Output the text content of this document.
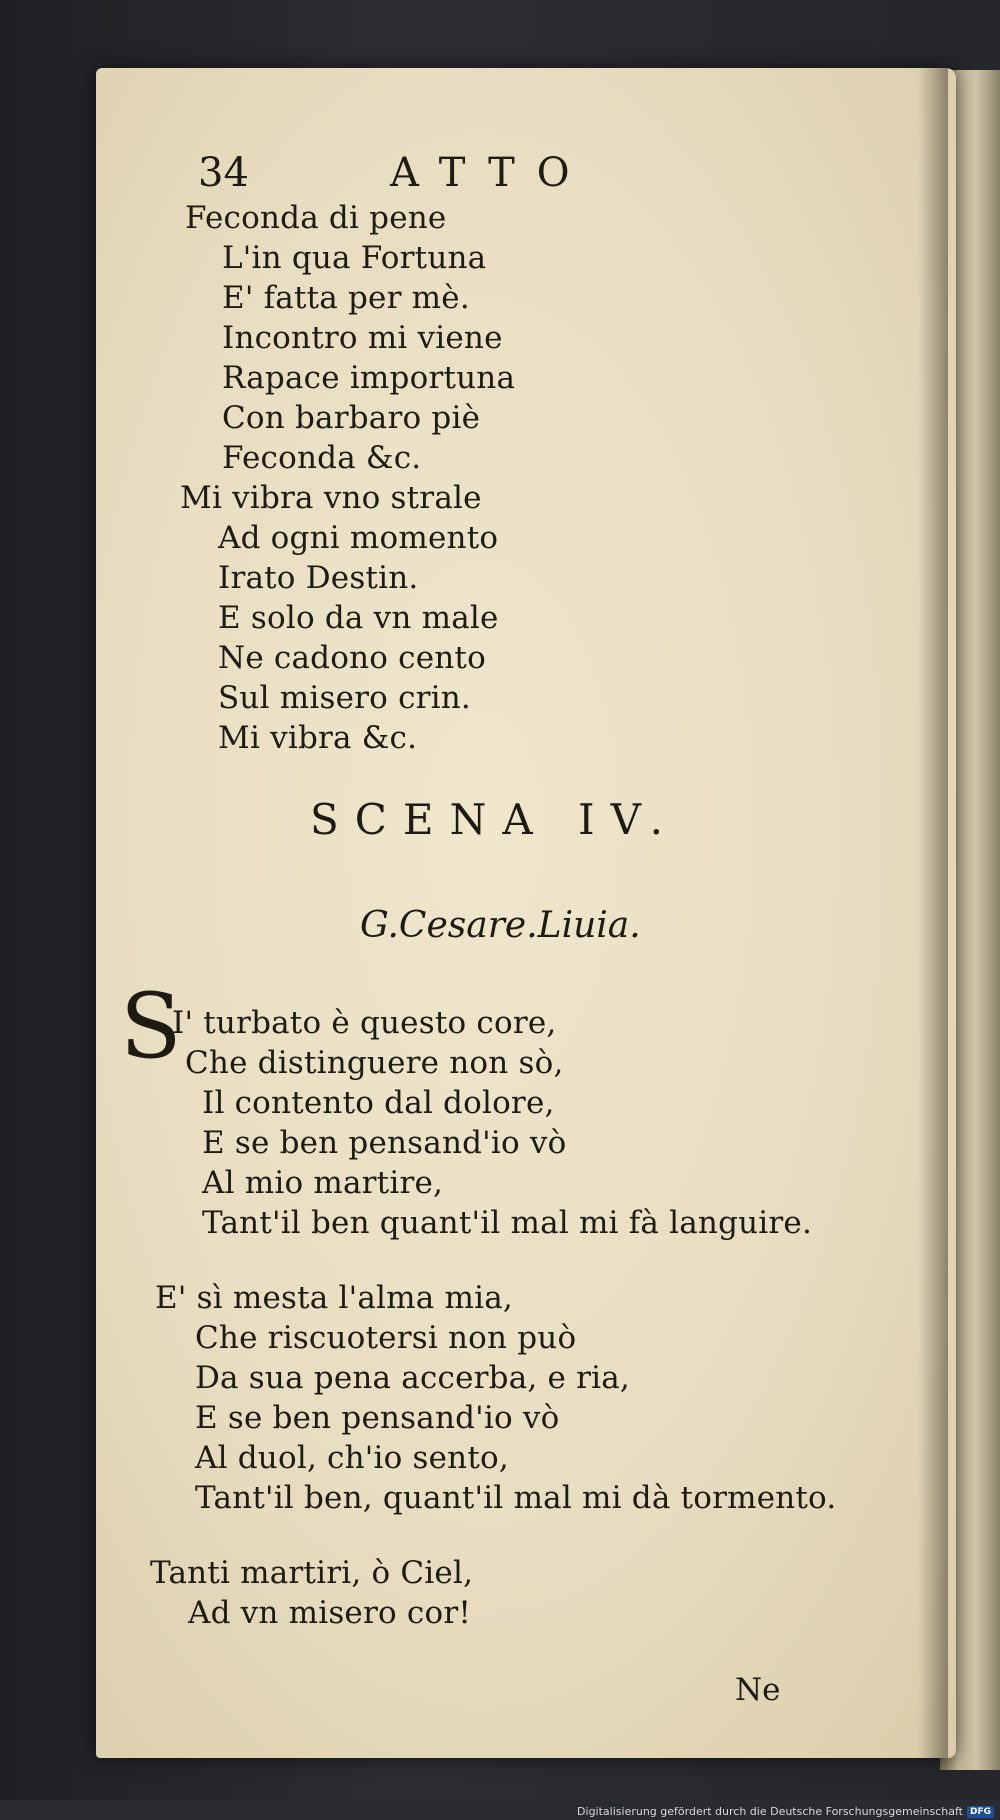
34	ATTO
Feconda di pene
L'in qua Fortuna
E' fatta per mè.
Incontro mi viene
Rapace importuna
Con barbaro piè
Feconda &c.
Mi vibra vno strale
Ad ogni momento
Irato Destin.
E solo da vn male
Ne cadono cento
Sul misero crin.
Mi vibra &c.
SCENA IV.
G.Cesare.Liuia.
S
I' turbato è questo core,
Che distinguere non sò,
Il contento dal dolore,
E se ben pensand'io vò
Al mio martire,
Tant'il ben quant'il mal mi fà languire.
E' sì mesta l'alma mia,
Che riscuotersi non può
Da sua pena accerba, e ria,
E se ben pensand'io vò
Al duol, ch'io sento,
Tant'il ben, quant'il mal mi dà tormento.
Tanti martiri, ò Ciel,
Ad vn misero cor!
Ne
Digitalisierung gefördert durch die Deutsche Forschungsgemeinschaft DFG
